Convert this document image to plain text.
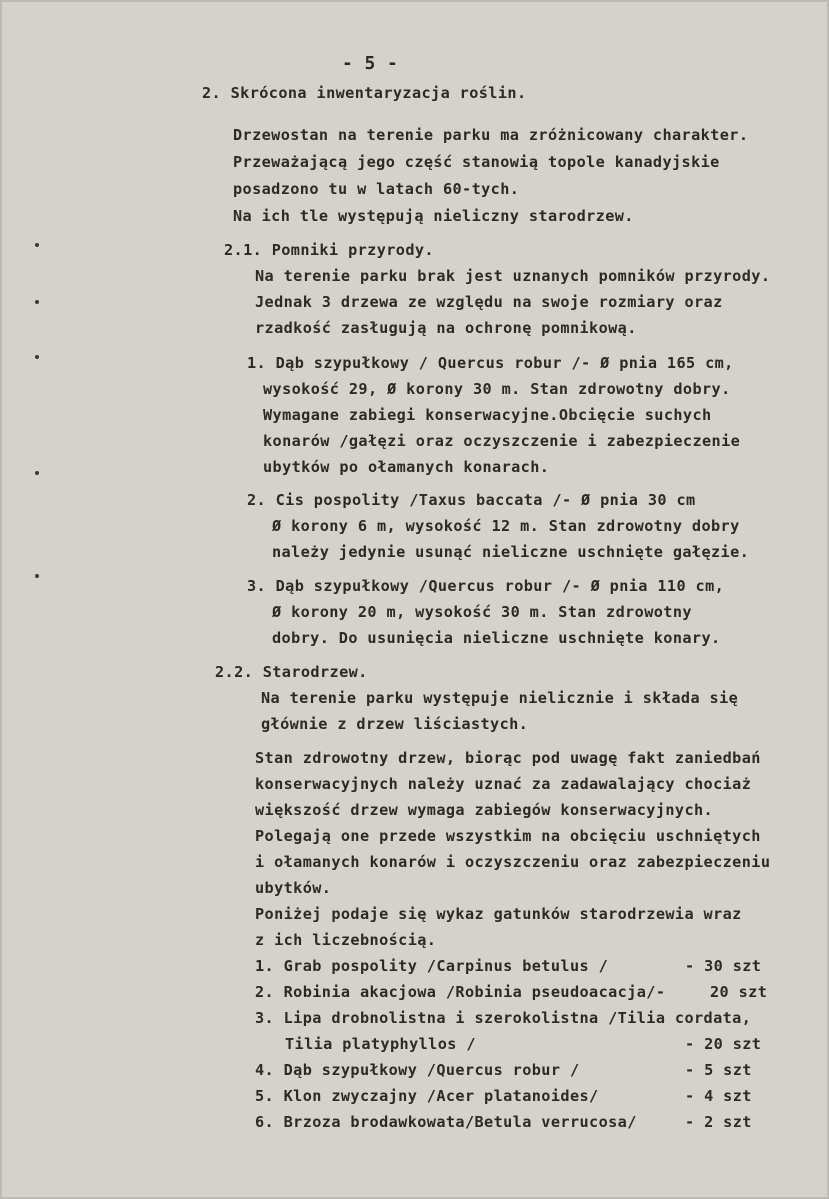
- 5 -
2. Skrócona inwentaryzacja roślin.
Drzewostan na terenie parku ma zróżnicowany charakter.
Przeważającą jego część stanowią topole kanadyjskie
posadzono tu w latach 60-tych.
Na ich tle występują nieliczny starodrzew.
2.1. Pomniki przyrody.
Na terenie parku brak jest uznanych pomników przyrody.
Jednak 3 drzewa ze względu na swoje rozmiary oraz
rzadkość zasługują na ochronę pomnikową.
1. Dąb szypułkowy / Quercus robur /- Ø pnia 165 cm,
wysokość 29, Ø korony 30 m. Stan zdrowotny dobry.
Wymagane zabiegi konserwacyjne.Obcięcie suchych
konarów /gałęzi oraz oczyszczenie i zabezpieczenie
ubytków po ołamanych konarach.
2. Cis pospolity /Taxus baccata /- Ø pnia 30 cm
Ø korony 6 m, wysokość 12 m. Stan zdrowotny dobry
należy jedynie usunąć nieliczne uschnięte gałęzie.
3. Dąb szypułkowy /Quercus robur /- Ø pnia 110 cm,
Ø korony 20 m, wysokość 30 m. Stan zdrowotny
dobry. Do usunięcia nieliczne uschnięte konary.
2.2. Starodrzew.
Na terenie parku występuje nielicznie i składa się
głównie z drzew liściastych.
Stan zdrowotny drzew, biorąc pod uwagę fakt zaniedbań
konserwacyjnych należy uznać za zadawalający chociaż
większość drzew wymaga zabiegów konserwacyjnych.
Polegają one przede wszystkim na obcięciu uschniętych
i ołamanych konarów i oczyszczeniu oraz zabezpieczeniu
ubytków.
Poniżej podaje się wykaz gatunków starodrzewia wraz
z ich liczebnością.
1. Grab pospolity /Carpinus betulus /	- 30 szt
2. Robinia akacjowa /Robinia pseudoacacja/-	20 szt
3. Lipa drobnolistna i szerokolistna /Tilia cordata,
Tilia platyphyllos /	- 20 szt
4. Dąb szypułkowy /Quercus robur /	- 5 szt
5. Klon zwyczajny /Acer platanoides/	- 4 szt
6. Brzoza brodawkowata/Betula verrucosa/	- 2 szt
